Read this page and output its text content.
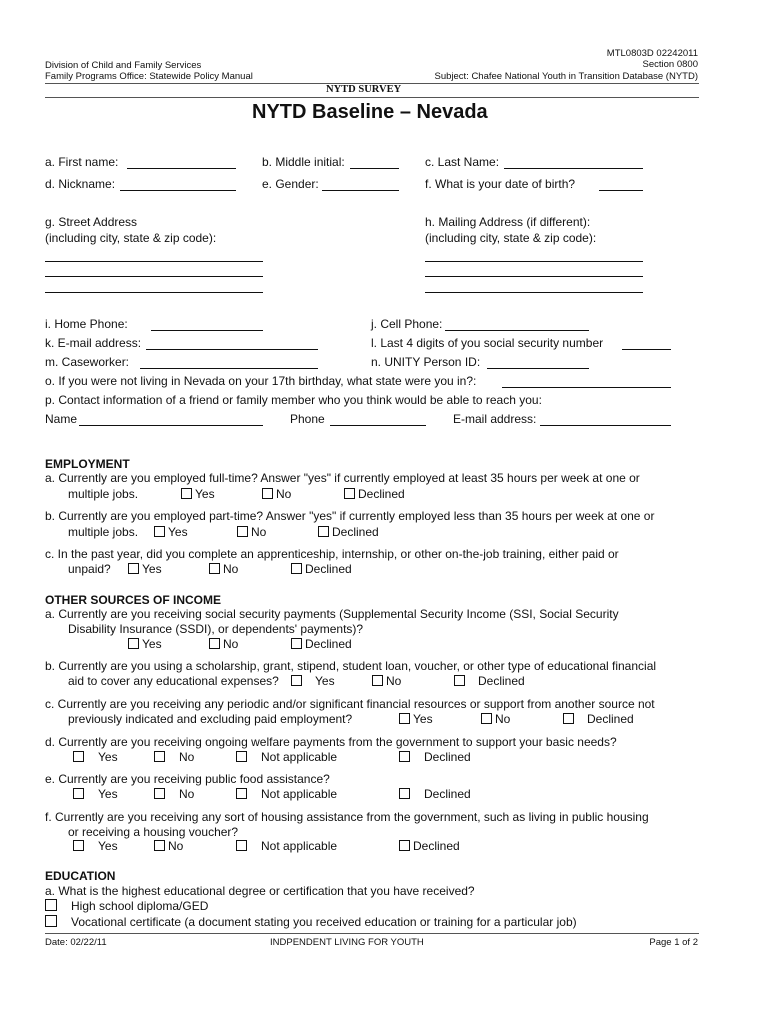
Division of Child and Family Services
Family Programs Office: Statewide Policy Manual
MTL0803D 02242011
Section 0800
Subject: Chafee National Youth in Transition Database (NYTD)
NYTD SURVEY
NYTD Baseline – Nevada
a. First name:	b. Middle initial:	c. Last Name:
d. Nickname:	e. Gender:	f. What is your date of birth?
g. Street Address
(including city, state & zip code):
h. Mailing Address (if different):
(including city, state & zip code):
i. Home Phone:	j. Cell Phone:
k. E-mail address:	l. Last 4 digits of you social security number
m. Caseworker:	n. UNITY Person ID:
o. If you were not living in Nevada on your 17th birthday, what state were you in?:
p. Contact information of a friend or family member who you think would be able to reach you:
Name	Phone	E-mail address:
EMPLOYMENT
a. Currently are you employed full-time? Answer "yes" if currently employed at least 35 hours per week at one or
multiple jobs.	Yes	No	Declined
b. Currently are you employed part-time? Answer "yes" if currently employed less than 35 hours per week at one or
multiple jobs.	Yes	No	Declined
c. In the past year, did you complete an apprenticeship, internship, or other on-the-job training, either paid or
unpaid?	Yes	No	Declined
OTHER SOURCES OF INCOME
a. Currently are you receiving social security payments (Supplemental Security Income (SSI, Social Security
Disability Insurance (SSDI), or dependents' payments)?
Yes	No	Declined
b. Currently are you using a scholarship, grant, stipend, student loan, voucher, or other type of educational financial
aid to cover any educational expenses?	Yes	No	Declined
c. Currently are you receiving any periodic and/or significant financial resources or support from another source not
previously indicated and excluding paid employment?	Yes	No	Declined
d. Currently are you receiving ongoing welfare payments from the government to support your basic needs?
Yes	No	Not applicable	Declined
e. Currently are you receiving public food assistance?
Yes	No	Not applicable	Declined
f. Currently are you receiving any sort of housing assistance from the government, such as living in public housing
or receiving a housing voucher?
Yes	No	Not applicable	Declined
EDUCATION
a. What is the highest educational degree or certification that you have received?
High school diploma/GED
Vocational certificate (a document stating you received education or training for a particular job)
Date: 02/22/11	INDPENDENT LIVING FOR YOUTH	Page 1 of 2
